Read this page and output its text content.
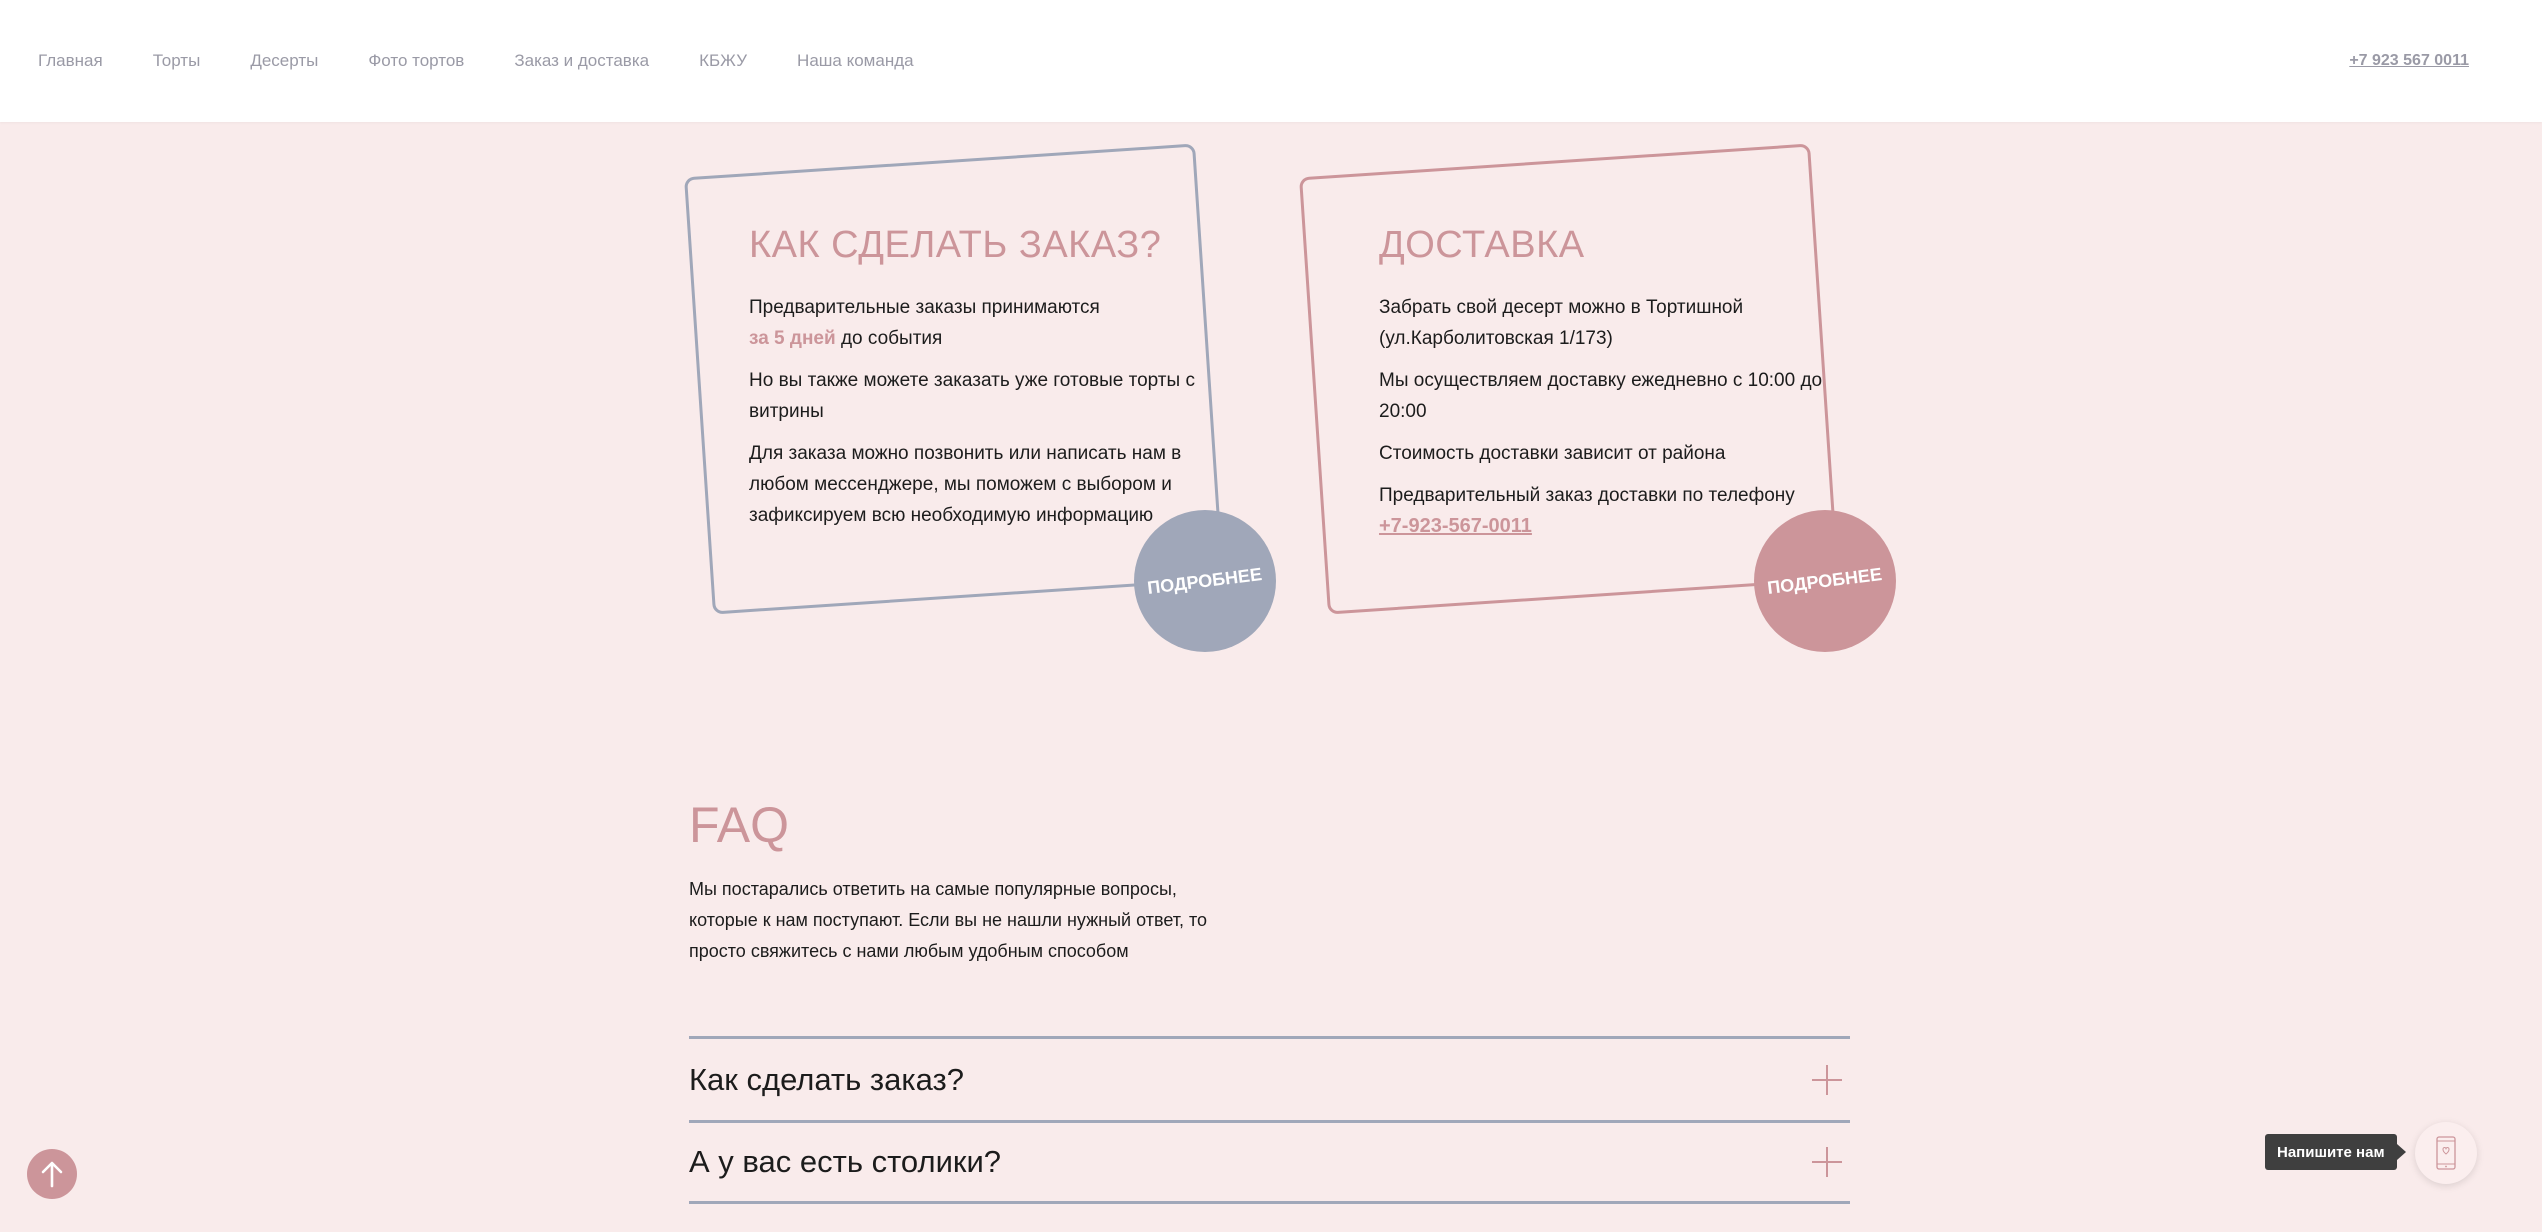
Главная	Торты	Десерты	Фото тортов	Заказ и доставка	КБЖУ	Наша команда	+7 923 567 0011
КАК СДЕЛАТЬ ЗАКАЗ?

Предварительные заказы принимаются
за 5 дней до события

Но вы также можете заказать уже готовые торты с витрины

Для заказа можно позвонить или написать нам в любом мессенджере, мы поможем с выбором и зафиксируем всю необходимую информацию

ПОДРОБНЕЕ
ДОСТАВКА

Забрать свой десерт можно в Тортишной (ул.Карболитовская 1/173)

Мы осуществляем доставку ежедневно с 10:00 до 20:00

Стоимость доставки зависит от района

Предварительный заказ доставки по телефону
+7-923-567-0011

ПОДРОБНЕЕ
FAQ

Мы постарались ответить на самые популярные вопросы, которые к нам поступают. Если вы не нашли нужный ответ, то просто свяжитесь с нами любым удобным способом

Как сделать заказ?
А у вас есть столики?	Напишите нам
